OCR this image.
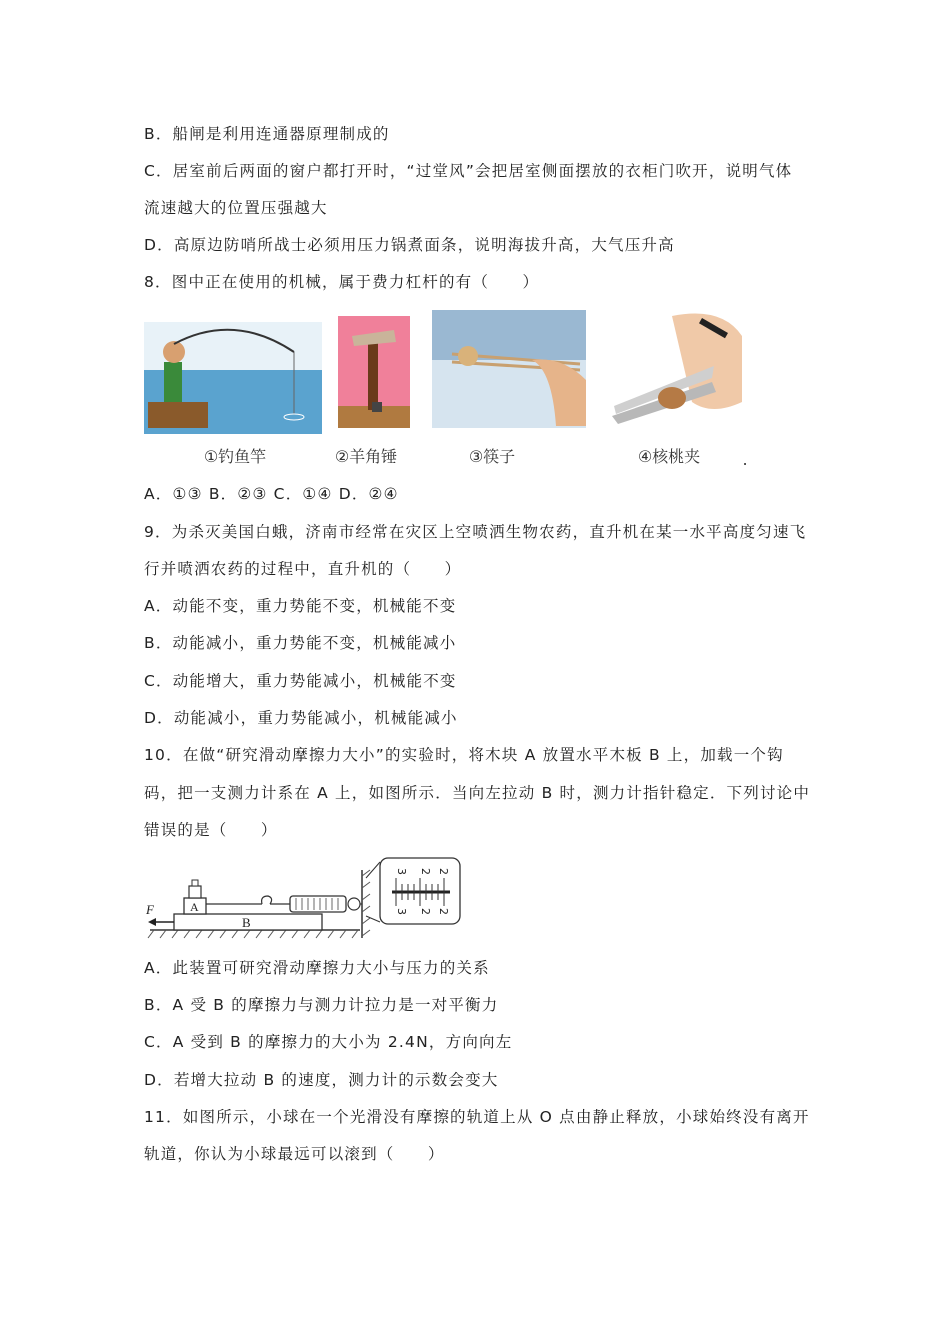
B．船闸是利用连通器原理制成的
C．居室前后两面的窗户都打开时，“过堂风”会把居室侧面摆放的衣柜门吹开，说明气体
流速越大的位置压强越大
D．高原边防哨所战士必须用压力锅煮面条，说明海拔升高，大气压升高
8．图中正在使用的机械，属于费力杠杆的有（　　）
①钓鱼竿	②羊角锤	③筷子	④核桃夹	.
A．①③ B．②③ C．①④ D．②④
9．为杀灭美国白蛾，济南市经常在灾区上空喷洒生物农药，直升机在某一水平高度匀速飞
行并喷洒农药的过程中，直升机的（　　）
A．动能不变，重力势能不变，机械能不变
B．动能减小，重力势能不变，机械能减小
C．动能增大，重力势能减小，机械能不变
D．动能减小，重力势能减小，机械能减小
10．在做“研究滑动摩擦力大小”的实验时，将木块 A 放置水平木板 B 上，加载一个钩
码，把一支测力计系在 A 上，如图所示．当向左拉动 B 时，测力计指针稳定．下列讨论中
错误的是（　　）
B
A
3 2 2
3 2 2
F
A．此装置可研究滑动摩擦力大小与压力的关系
B．A 受 B 的摩擦力与测力计拉力是一对平衡力
C．A 受到 B 的摩擦力的大小为 2.4N，方向向左
D．若增大拉动 B 的速度，测力计的示数会变大
11．如图所示，小球在一个光滑没有摩擦的轨道上从 O 点由静止释放，小球始终没有离开
轨道，你认为小球最远可以滚到（　　）
